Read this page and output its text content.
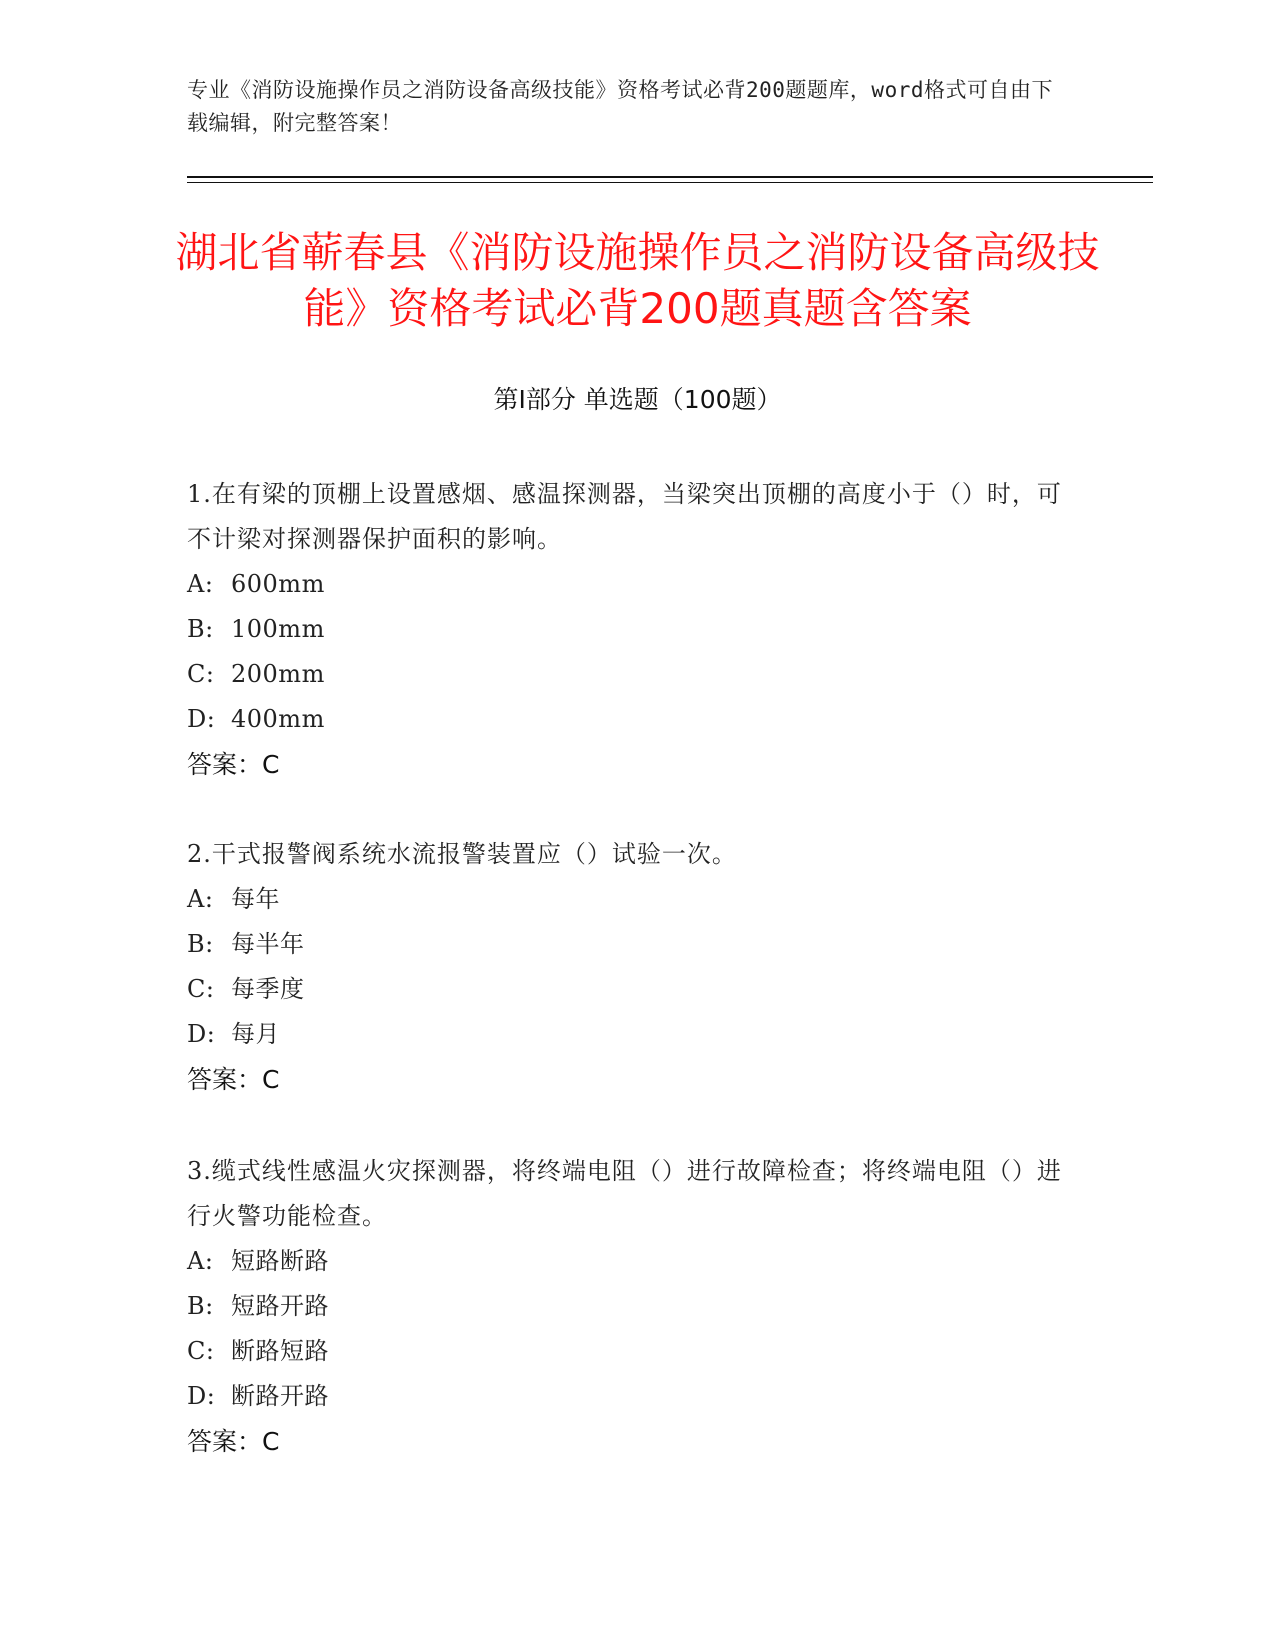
专业《消防设施操作员之消防设备高级技能》资格考试必背200题题库，word格式可自由下载编辑，附完整答案！
湖北省蕲春县《消防设施操作员之消防设备高级技能》资格考试必背200题真题含答案
第Ⅰ部分 单选题（100题）
1.在有梁的顶棚上设置感烟、感温探测器，当梁突出顶棚的高度小于（）时，可不计梁对探测器保护面积的影响。
A: 600mm
B: 100mm
C: 200mm
D: 400mm
答案：C
2.干式报警阀系统水流报警装置应（）试验一次。
A: 每年
B: 每半年
C: 每季度
D: 每月
答案：C
3.缆式线性感温火灾探测器，将终端电阻（）进行故障检查；将终端电阻（）进行火警功能检查。
A: 短路断路
B: 短路开路
C: 断路短路
D: 断路开路
答案：C
